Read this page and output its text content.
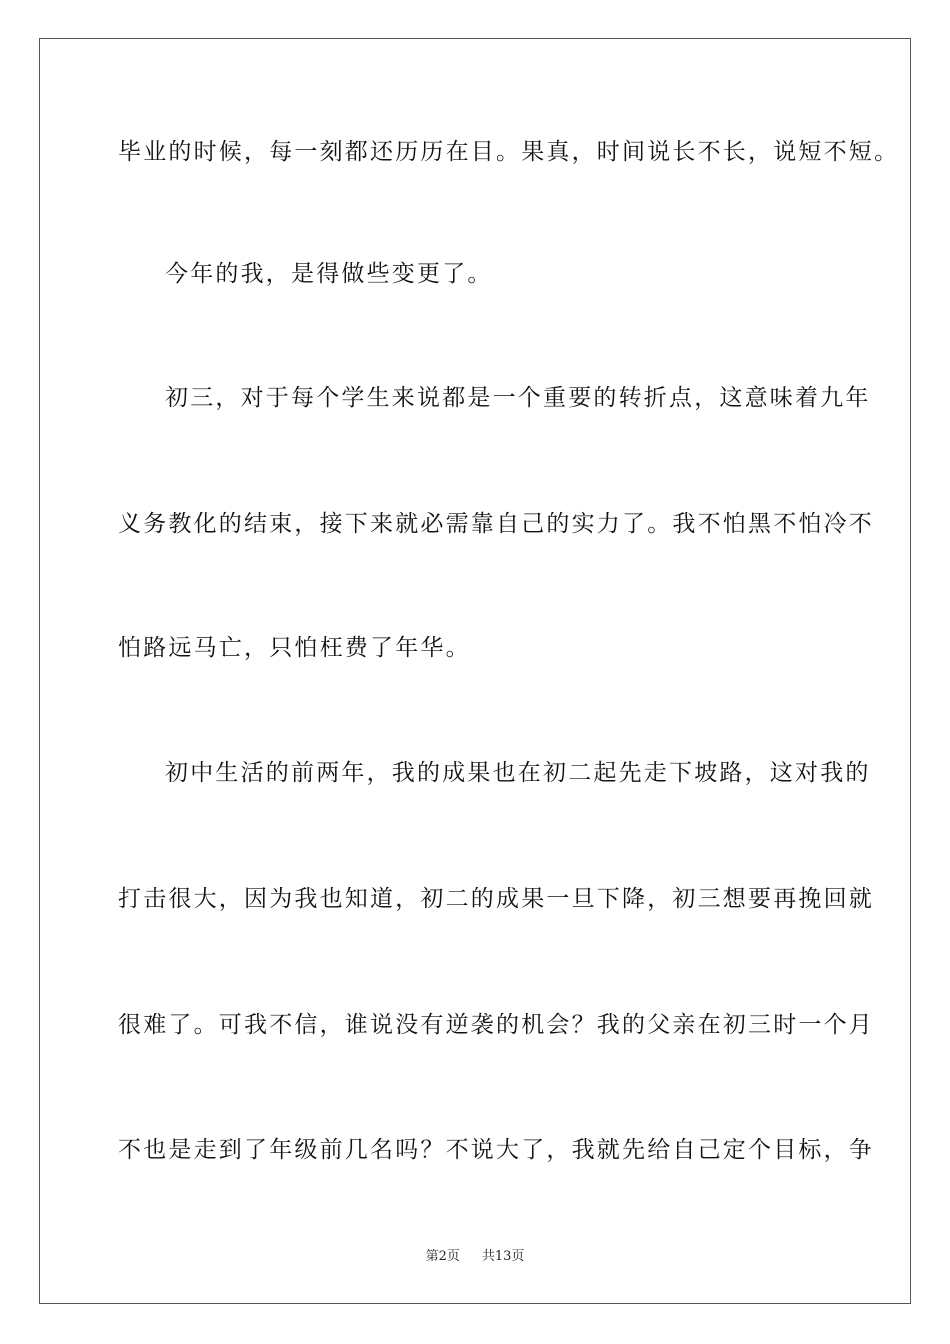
毕业的时候，每一刻都还历历在目。果真，时间说长不长，说短不短。
今年的我，是得做些变更了。
初三，对于每个学生来说都是一个重要的转折点，这意味着九年
义务教化的结束，接下来就必需靠自己的实力了。我不怕黑不怕冷不
怕路远马亡，只怕枉费了年华。
初中生活的前两年，我的成果也在初二起先走下坡路，这对我的
打击很大，因为我也知道，初二的成果一旦下降，初三想要再挽回就
很难了。可我不信，谁说没有逆袭的机会？我的父亲在初三时一个月
不也是走到了年级前几名吗？不说大了，我就先给自己定个目标，争
第2页 共13页
